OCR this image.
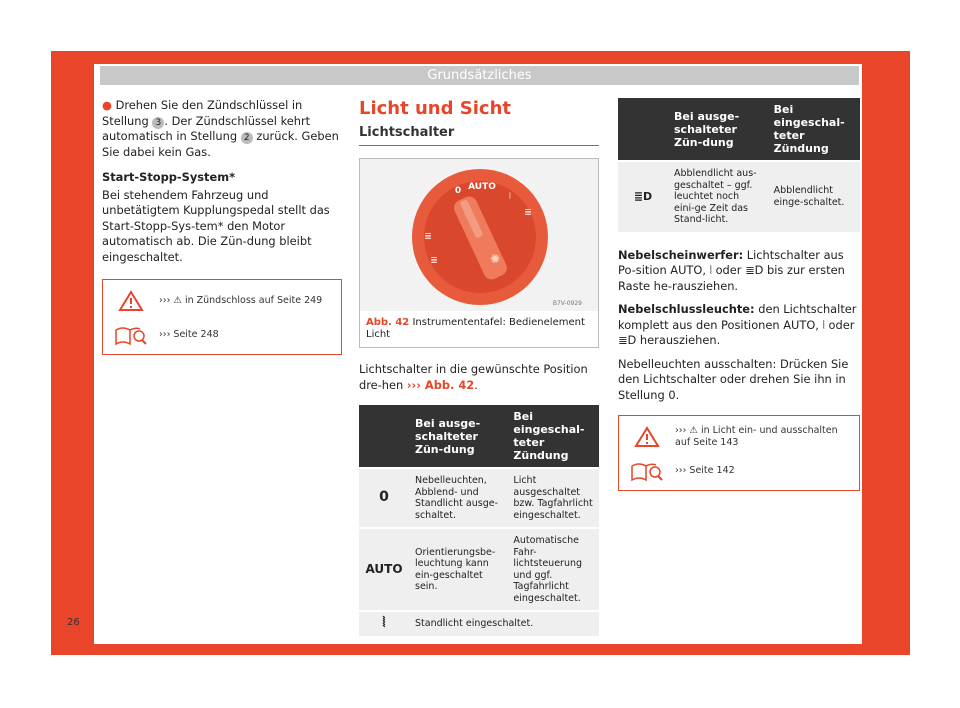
Grundsätzliches

● Drehen Sie den Zündschlüssel in Stellung 3 . Der Zündschlüssel kehrt automatisch in Stellung 2 zurück. Geben Sie dabei kein Gas.

Start-Stopp-System*

Bei stehendem Fahrzeug und unbetätigtem Kupplungspedal stellt das Start-Stopp-Sys-tem* den Motor automatisch ab. Die Zün-dung bleibt eingeschaltet.

››› ⚠ in Zündschloss auf Seite 249
››› Seite 248
Licht und Sicht
Lichtschalter
AUTO
0
⦚
≣
≣
≣	✺
B7V-0929
Abb. 42 Instrumententafel: Bedienelement Licht

Lichtschalter in die gewünschte Position dre-hen ››› Abb. 42.

	Bei ausge-schalteter Zün-dung	Bei eingeschal-teter Zündung
0	Nebelleuchten, Abblend- und Standlicht ausge-schaltet.	Licht ausgeschaltet bzw. Tagfahrlicht eingeschaltet.
AUTO	Orientierungsbe-leuchtung kann ein-geschaltet sein.	Automatische Fahr-lichtsteuerung und ggf. Tagfahrlicht eingeschaltet.
⦚	Standlicht eingeschaltet.	
	Bei ausge-schalteter Zün-dung	Bei eingeschal-teter Zündung
≣D	Abblendlicht aus-geschaltet – ggf. leuchtet noch eini-ge Zeit das Stand-licht.	Abblendlicht einge-schaltet.

Nebelscheinwerfer: Lichtschalter aus Po-sition AUTO, ⦚ oder ≣D bis zur ersten Raste he-rausziehen.

Nebelschlussleuchte: den Lichtschalter komplett aus den Positionen AUTO, ⦚ oder ≣D herausziehen.

Nebelleuchten ausschalten: Drücken Sie den Lichtschalter oder drehen Sie ihn in Stellung 0.

››› ⚠ in Licht ein- und ausschalten auf Seite 143
››› Seite 142
26
